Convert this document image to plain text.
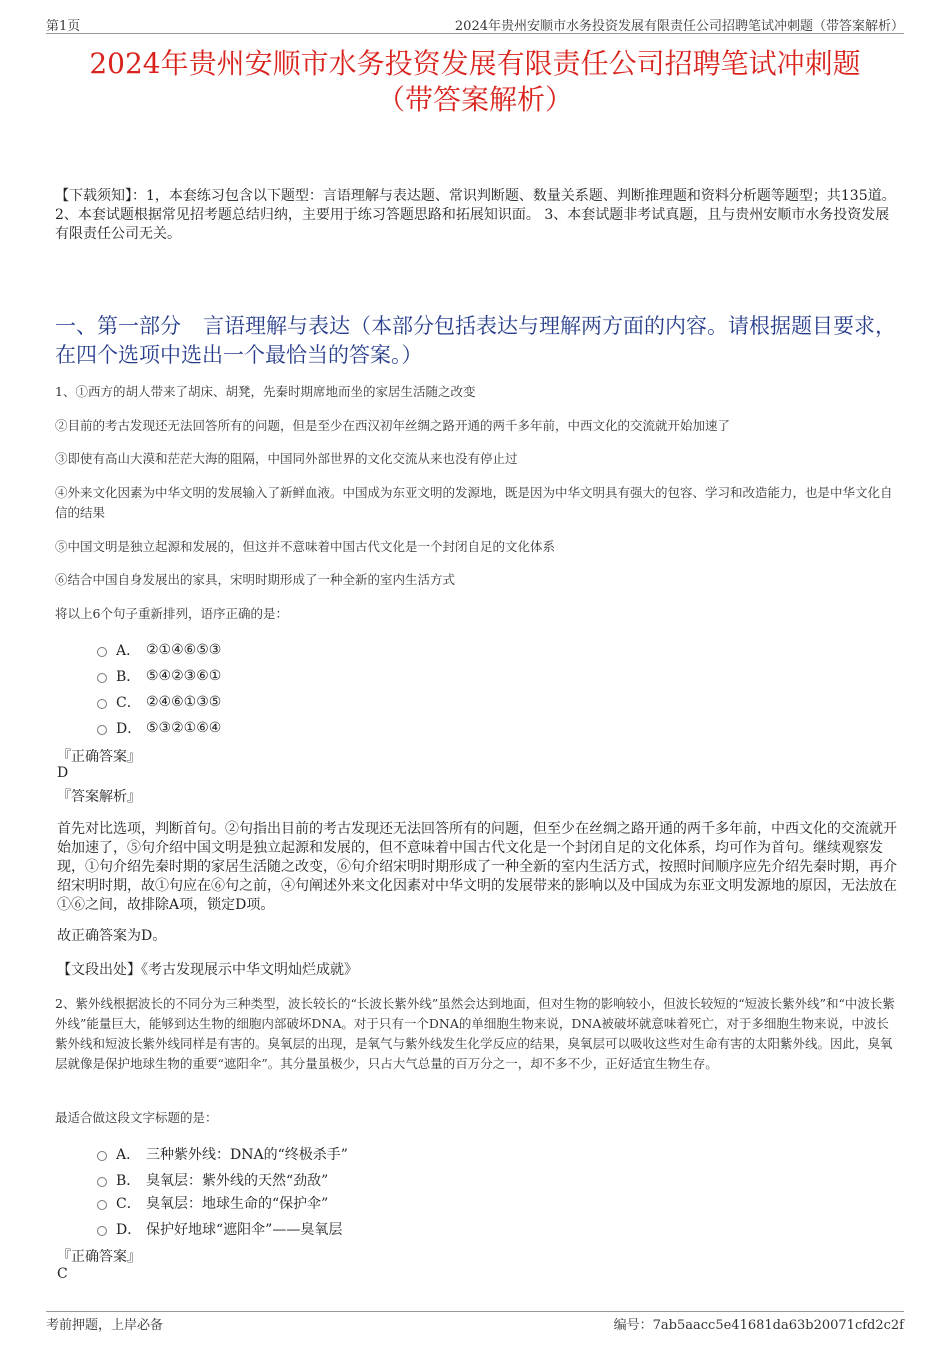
第1页	2024年贵州安顺市水务投资发展有限责任公司招聘笔试冲刺题（带答案解析）
2024年贵州安顺市水务投资发展有限责任公司招聘笔试冲刺题
（带答案解析）
【下载须知】：1，本套练习包含以下题型：言语理解与表达题、常识判断题、数量关系题、判断推理题和资料分析题等题型；共135道。 2、本套试题根据常见招考题总结归纳，主要用于练习答题思路和拓展知识面。 3、本套试题非考试真题，且与贵州安顺市水务投资发展有限责任公司无关。
一、第一部分 言语理解与表达（本部分包括表达与理解两方面的内容。请根据题目要求，在四个选项中选出一个最恰当的答案。）
1、①西方的胡人带来了胡床、胡凳，先秦时期席地而坐的家居生活随之改变
②目前的考古发现还无法回答所有的问题，但是至少在西汉初年丝绸之路开通的两千多年前，中西文化的交流就开始加速了
③即使有高山大漠和茫茫大海的阻隔，中国同外部世界的文化交流从来也没有停止过
④外来文化因素为中华文明的发展输入了新鲜血液。中国成为东亚文明的发源地，既是因为中华文明具有强大的包容、学习和改造能力，也是中华文化自信的结果
⑤中国文明是独立起源和发展的，但这并不意味着中国古代文化是一个封闭自足的文化体系
⑥结合中国自身发展出的家具，宋明时期形成了一种全新的室内生活方式
将以上6个句子重新排列，语序正确的是：
A． ②①④⑥⑤③
B． ⑤④②③⑥①
C． ②④⑥①③⑤
D． ⑤③②①⑥④
『正确答案』
D
『答案解析』
首先对比选项，判断首句。②句指出目前的考古发现还无法回答所有的问题，但至少在丝绸之路开通的两千多年前，中西文化的交流就开始加速了，⑤句介绍中国文明是独立起源和发展的，但不意味着中国古代文化是一个封闭自足的文化体系，均可作为首句。继续观察发现，①句介绍先秦时期的家居生活随之改变，⑥句介绍宋明时期形成了一种全新的室内生活方式，按照时间顺序应先介绍先秦时期，再介绍宋明时期，故①句应在⑥句之前，④句阐述外来文化因素对中华文明的发展带来的影响以及中国成为东亚文明发源地的原因，无法放在①⑥之间，故排除A项，锁定D项。
故正确答案为D。
【文段出处】《考古发现展示中华文明灿烂成就》
2、紫外线根据波长的不同分为三种类型，波长较长的“长波长紫外线”虽然会达到地面，但对生物的影响较小，但波长较短的“短波长紫外线”和“中波长紫外线”能量巨大，能够到达生物的细胞内部破坏DNA。对于只有一个DNA的单细胞生物来说，DNA被破坏就意味着死亡，对于多细胞生物来说，中波长紫外线和短波长紫外线同样是有害的。臭氧层的出现，是氧气与紫外线发生化学反应的结果，臭氧层可以吸收这些对生命有害的太阳紫外线。因此，臭氧层就像是保护地球生物的重要“遮阳伞”。其分量虽极少，只占大气总量的百万分之一，却不多不少，正好适宜生物生存。
最适合做这段文字标题的是：
A． 三种紫外线：DNA的“终极杀手”
B． 臭氧层：紫外线的天然“劲敌”
C． 臭氧层：地球生命的“保护伞”
D． 保护好地球“遮阳伞”——臭氧层
『正确答案』
C
考前押题，上岸必备	编号：7ab5aacc5e41681da63b20071cfd2c2f
